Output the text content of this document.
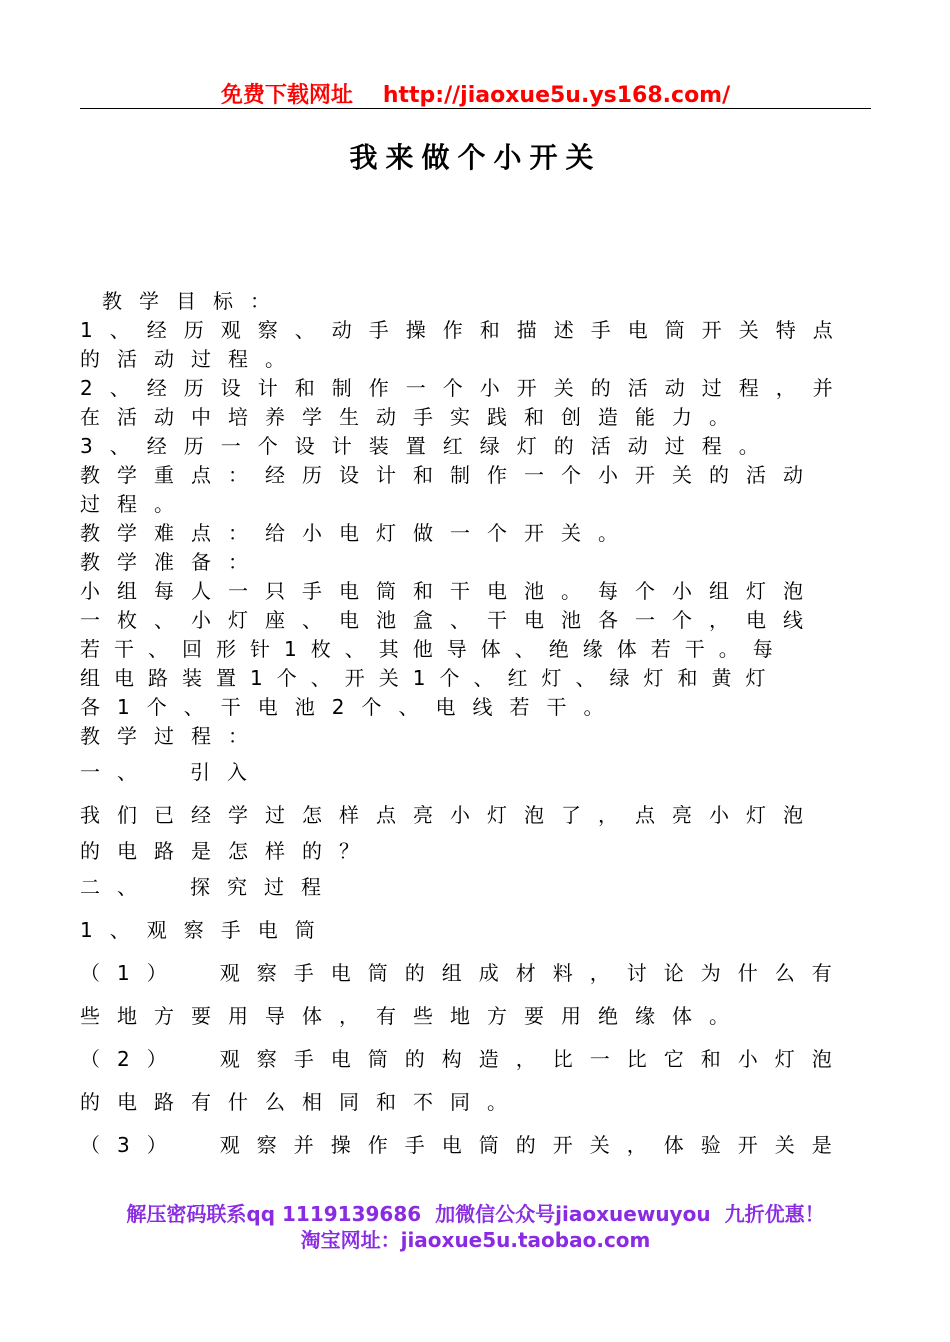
免费下载网址 http://jiaoxue5u.ys168.com/
我来做个小开关
教学目标：
1、经历观察、动手操作和描述手电筒开关特点
的活动过程。
2、经历设计和制作一个小开关的活动过程，并
在活动中培养学生动手实践和创造能力。
3、经历一个设计装置红绿灯的活动过程。
教学重点：经历设计和制作一个小开关的活动
过程。
教学难点：给小电灯做一个开关。
教学准备：
小组每人一只手电筒和干电池。每个小组灯泡
一枚、小灯座、电池盒、干电池各一个，电线
若干、回形针1枚、其他导体、绝缘体若干。每
组电路装置1个、开关1个、红灯、绿灯和黄灯
各1个、干电池2个、电线若干。
教学过程：
一、 引入
我们已经学过怎样点亮小灯泡了，点亮小灯泡
的电路是怎样的？
二、 探究过程
1、观察手电筒
（1） 观察手电筒的组成材料，讨论为什么有
些地方要用导体，有些地方要用绝缘体。
（2） 观察手电筒的构造，比一比它和小灯泡
的电路有什么相同和不同。
（3） 观察并操作手电筒的开关，体验开关是
解压密码联系qq 1119139686 加微信公众号jiaoxuewuyou 九折优惠！
淘宝网址：jiaoxue5u.taobao.com
